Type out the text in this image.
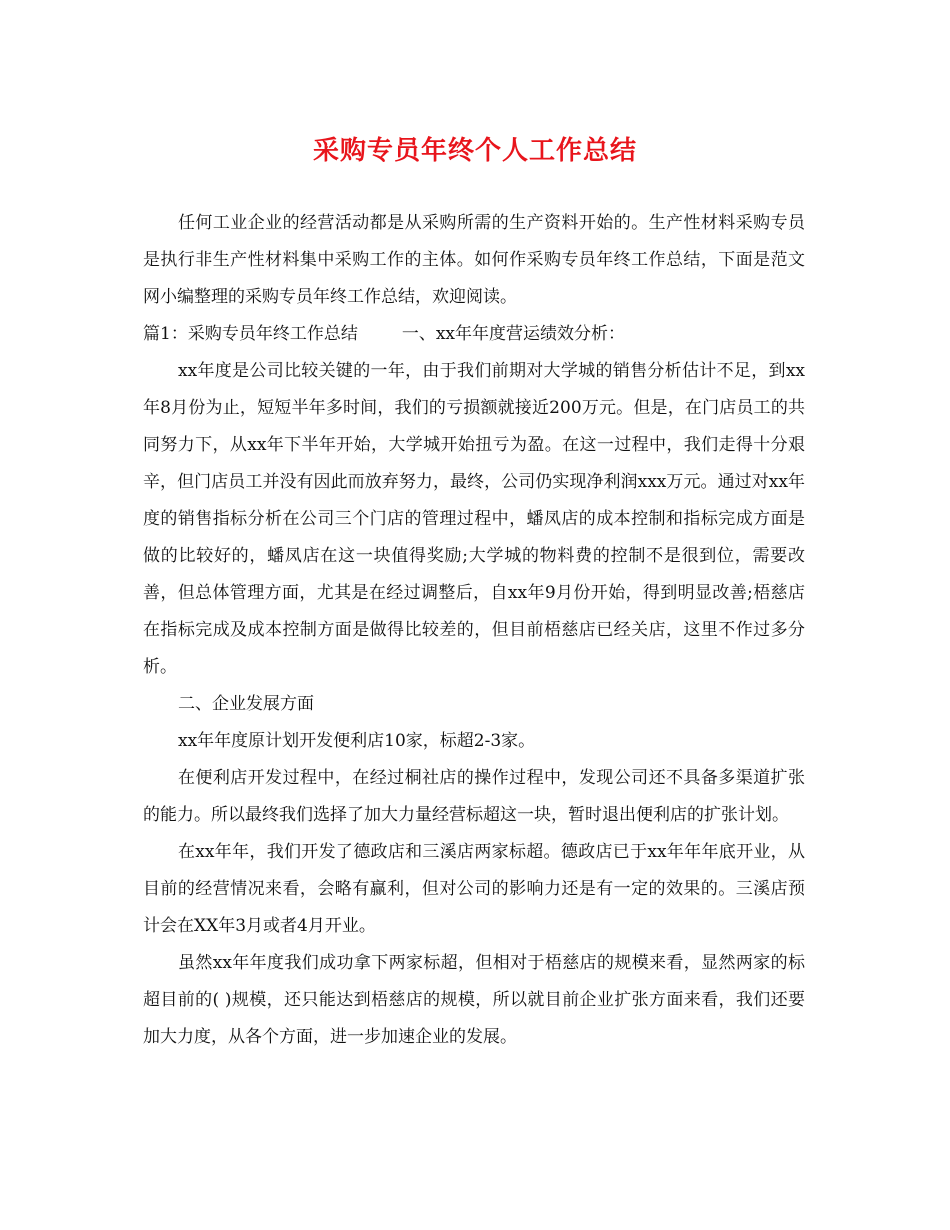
采购专员年终个人工作总结

任何工业企业的经营活动都是从采购所需的生产资料开始的。生产性材料采购专员是执行非生产性材料集中采购工作的主体。如何作采购专员年终工作总结，下面是范文网小编整理的采购专员年终工作总结，欢迎阅读。

篇1：采购专员年终工作总结	一、xx年年度营运绩效分析：

xx年度是公司比较关键的一年，由于我们前期对大学城的销售分析估计不足，到xx年8月份为止，短短半年多时间，我们的亏损额就接近200万元。但是，在门店员工的共同努力下，从xx年下半年开始，大学城开始扭亏为盈。在这一过程中，我们走得十分艰辛，但门店员工并没有因此而放弃努力，最终，公司仍实现净利润xxx万元。通过对xx年度的销售指标分析在公司三个门店的管理过程中，蟠凤店的成本控制和指标完成方面是做的比较好的，蟠凤店在这一块值得奖励;大学城的物料费的控制不是很到位，需要改善，但总体管理方面，尤其是在经过调整后，自xx年9月份开始，得到明显改善;梧慈店在指标完成及成本控制方面是做得比较差的，但目前梧慈店已经关店，这里不作过多分析。

二、企业发展方面

xx年年度原计划开发便利店10家，标超2-3家。

在便利店开发过程中，在经过桐社店的操作过程中，发现公司还不具备多渠道扩张的能力。所以最终我们选择了加大力量经营标超这一块，暂时退出便利店的扩张计划。

在xx年年，我们开发了德政店和三溪店两家标超。德政店已于xx年年年底开业，从目前的经营情况来看，会略有赢利，但对公司的影响力还是有一定的效果的。三溪店预计会在XX年3月或者4月开业。

虽然xx年年度我们成功拿下两家标超，但相对于梧慈店的规模来看，显然两家的标超目前的( )规模，还只能达到梧慈店的规模，所以就目前企业扩张方面来看，我们还要加大力度，从各个方面，进一步加速企业的发展。
